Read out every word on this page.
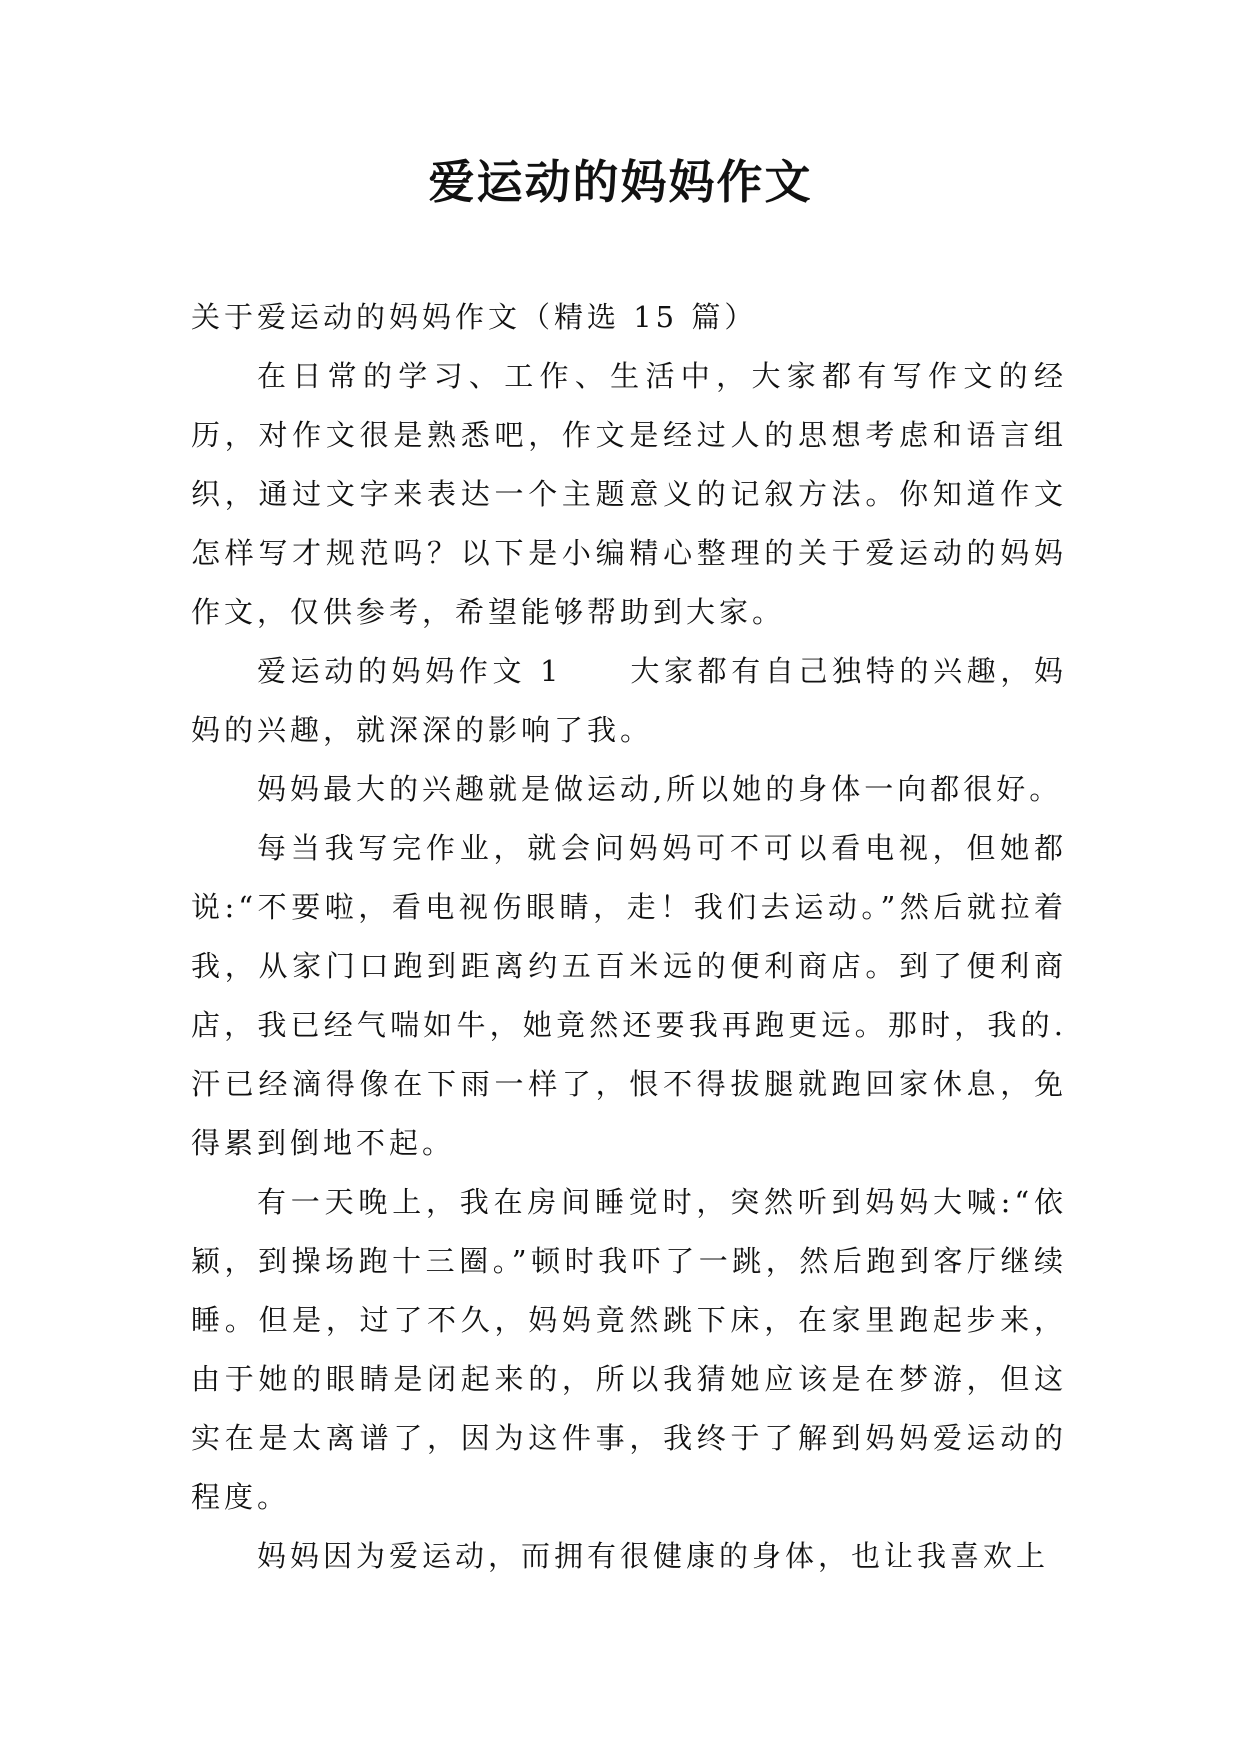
爱运动的妈妈作文

关于爱运动的妈妈作文（精选 15 篇）

在日常的学习、工作、生活中，大家都有写作文的经历，对作文很是熟悉吧，作文是经过人的思想考虑和语言组织，通过文字来表达一个主题意义的记叙方法。你知道作文怎样写才规范吗？以下是小编精心整理的关于爱运动的妈妈作文，仅供参考，希望能够帮助到大家。

爱运动的妈妈作文 1　　大家都有自己独特的兴趣，妈妈的兴趣，就深深的影响了我。

妈妈最大的兴趣就是做运动,所以她的身体一向都很好。

每当我写完作业，就会问妈妈可不可以看电视，但她都说:“不要啦，看电视伤眼睛，走！我们去运动。”然后就拉着我，从家门口跑到距离约五百米远的便利商店。到了便利商店，我已经气喘如牛，她竟然还要我再跑更远。那时，我的.汗已经滴得像在下雨一样了，恨不得拔腿就跑回家休息，免得累到倒地不起。

有一天晚上，我在房间睡觉时，突然听到妈妈大喊:“依颖，到操场跑十三圈。”顿时我吓了一跳，然后跑到客厅继续睡。但是，过了不久，妈妈竟然跳下床，在家里跑起步来，由于她的眼睛是闭起来的，所以我猜她应该是在梦游，但这实在是太离谱了，因为这件事，我终于了解到妈妈爱运动的程度。

妈妈因为爱运动，而拥有很健康的身体，也让我喜欢上
